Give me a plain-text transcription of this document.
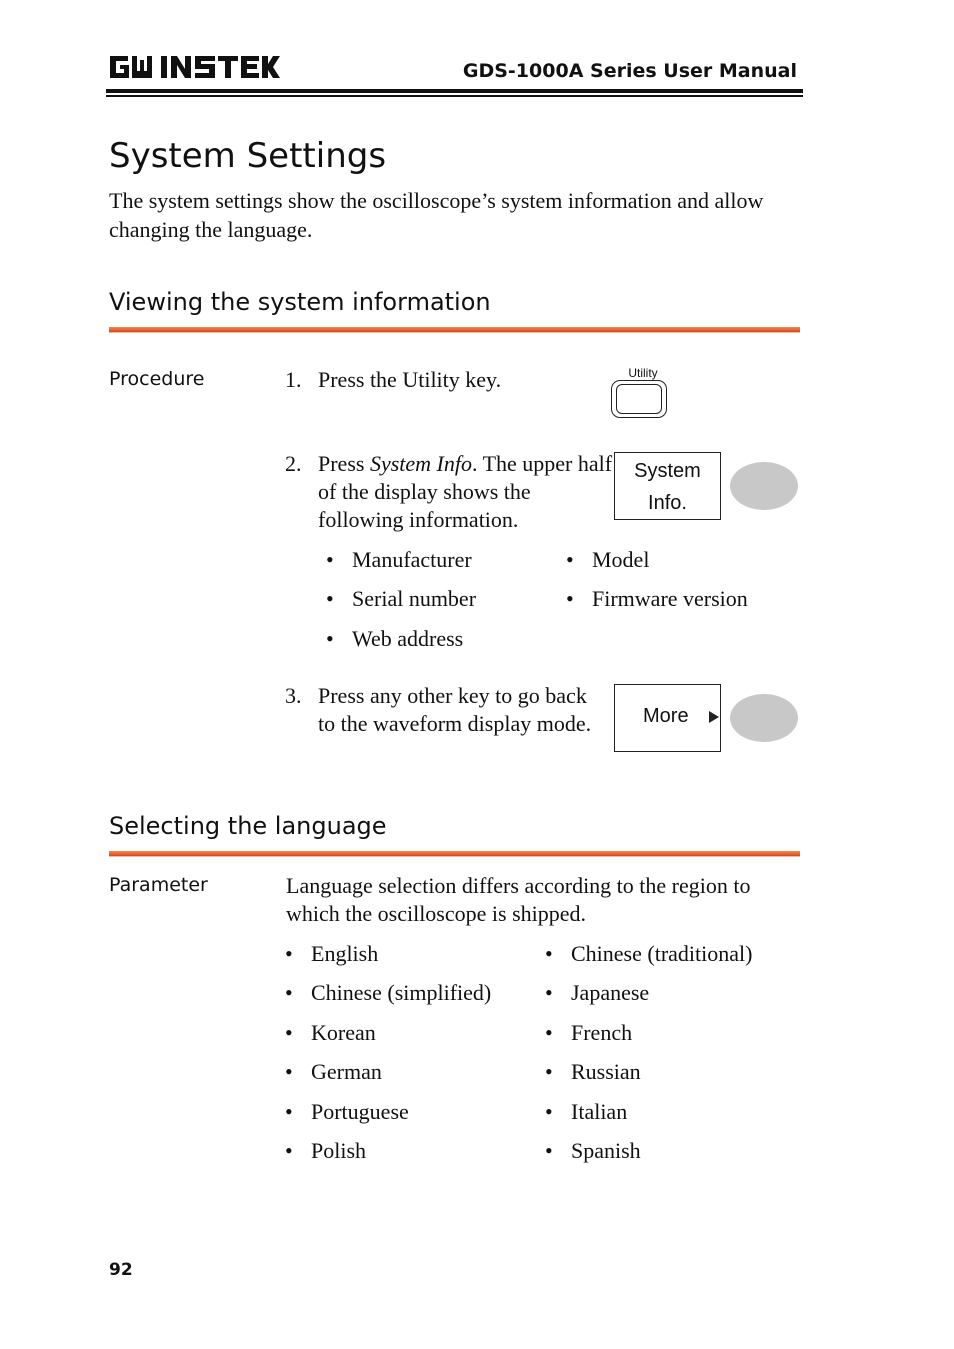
GDS-1000A Series User Manual
System Settings
The system settings show the oscilloscope’s system information and allow changing the language.
Viewing the system information
Procedure	1. Press the Utility key.	Utility
2. Press System Info. The upper half of the display shows the following information.
System
Info.
• Manufacturer
• Serial number
• Web address
• Model
• Firmware version
3. Press any other key to go back to the waveform display mode.	More
Selecting the language
Parameter	Language selection differs according to the region to which the oscilloscope is shipped.
• English
• Chinese (simplified)
• Korean
• German
• Portuguese
• Polish
• Chinese (traditional)
• Japanese
• French
• Russian
• Italian
• Spanish
92
